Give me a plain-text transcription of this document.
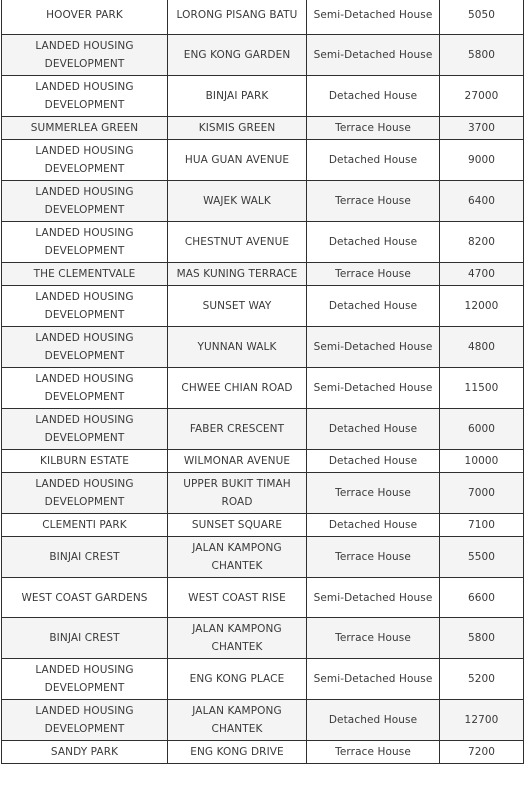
HOOVER PARK	LORONG PISANG BATU	Semi-Detached House	5050
LANDED HOUSING DEVELOPMENT	ENG KONG GARDEN	Semi-Detached House	5800
LANDED HOUSING DEVELOPMENT	BINJAI PARK	Detached House	27000
SUMMERLEA GREEN	KISMIS GREEN	Terrace House	3700
LANDED HOUSING DEVELOPMENT	HUA GUAN AVENUE	Detached House	9000
LANDED HOUSING DEVELOPMENT	WAJEK WALK	Terrace House	6400
LANDED HOUSING DEVELOPMENT	CHESTNUT AVENUE	Detached House	8200
THE CLEMENTVALE	MAS KUNING TERRACE	Terrace House	4700
LANDED HOUSING DEVELOPMENT	SUNSET WAY	Detached House	12000
LANDED HOUSING DEVELOPMENT	YUNNAN WALK	Semi-Detached House	4800
LANDED HOUSING DEVELOPMENT	CHWEE CHIAN ROAD	Semi-Detached House	11500
LANDED HOUSING DEVELOPMENT	FABER CRESCENT	Detached House	6000
KILBURN ESTATE	WILMONAR AVENUE	Detached House	10000
LANDED HOUSING DEVELOPMENT	UPPER BUKIT TIMAH ROAD	Terrace House	7000
CLEMENTI PARK	SUNSET SQUARE	Detached House	7100
BINJAI CREST	JALAN KAMPONG CHANTEK	Terrace House	5500
WEST COAST GARDENS	WEST COAST RISE	Semi-Detached House	6600
BINJAI CREST	JALAN KAMPONG CHANTEK	Terrace House	5800
LANDED HOUSING DEVELOPMENT	ENG KONG PLACE	Semi-Detached House	5200
LANDED HOUSING DEVELOPMENT	JALAN KAMPONG CHANTEK	Detached House	12700
SANDY PARK	ENG KONG DRIVE	Terrace House	7200
